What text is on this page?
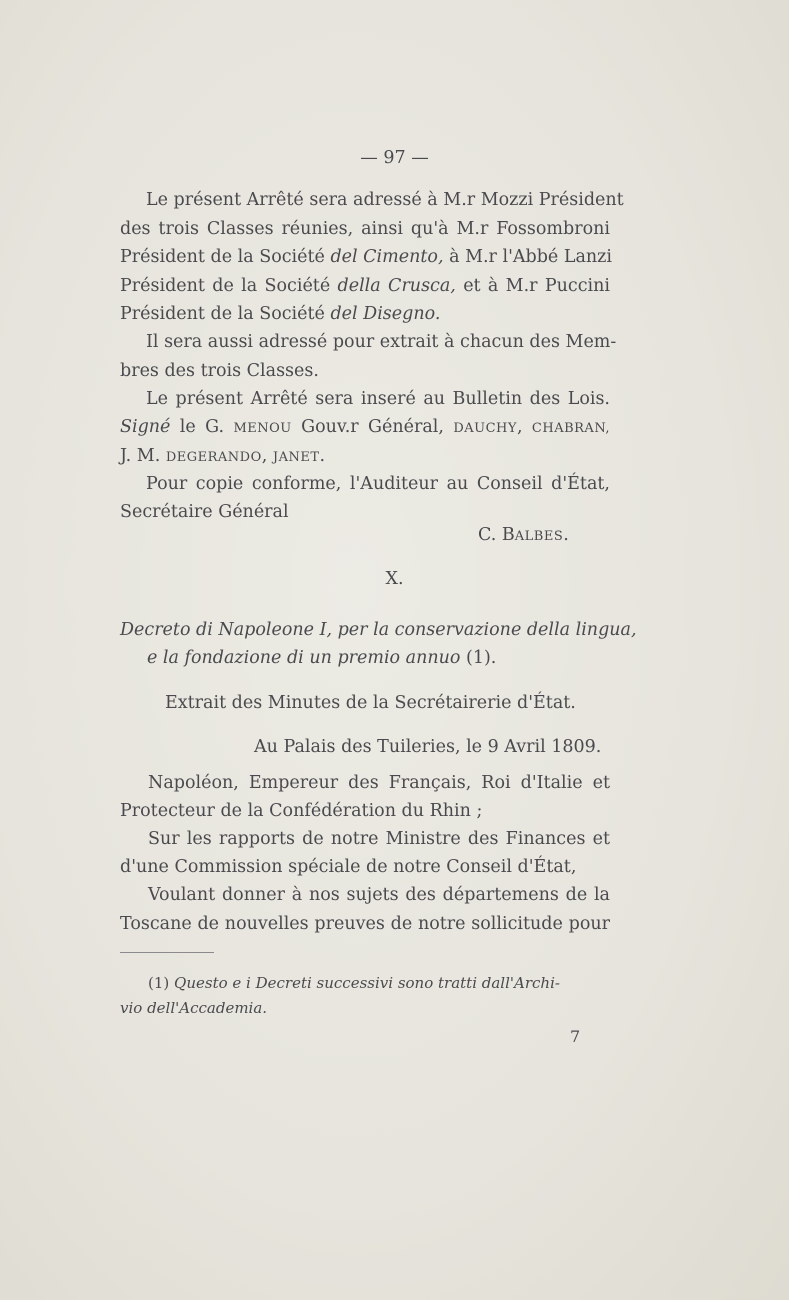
— 97 —
Le présent Arrêté sera adressé à M.r Mozzi Président
des trois Classes réunies, ainsi qu'à M.r Fossombroni
Président de la Société del Cimento, à M.r l'Abbé Lanzi
Président de la Société della Crusca, et à M.r Puccini
Président de la Société del Disegno.
Il sera aussi adressé pour extrait à chacun des Mem-
bres des trois Classes.
Le présent Arrêté sera inseré au Bulletin des Lois.
Signé le G. MENOU Gouv.r Général, DAUCHY, CHABRAN,
J. M. DEGERANDO, JANET.
Pour copie conforme, l'Auditeur au Conseil d'État,
Secrétaire Général
C. BALBES.
X.
Decreto di Napoleone I, per la conservazione della lingua,
e la fondazione di un premio annuo (1).
Extrait des Minutes de la Secrétairerie d'État.
Au Palais des Tuileries, le 9 Avril 1809.
Napoléon, Empereur des Français, Roi d'Italie et
Protecteur de la Confédération du Rhin ;
Sur les rapports de notre Ministre des Finances et
d'une Commission spéciale de notre Conseil d'État,
Voulant donner à nos sujets des départemens de la
Toscane de nouvelles preuves de notre sollicitude pour
(1) Questo e i Decreti successivi sono tratti dall'Archi-
vio dell'Accademia.
7
